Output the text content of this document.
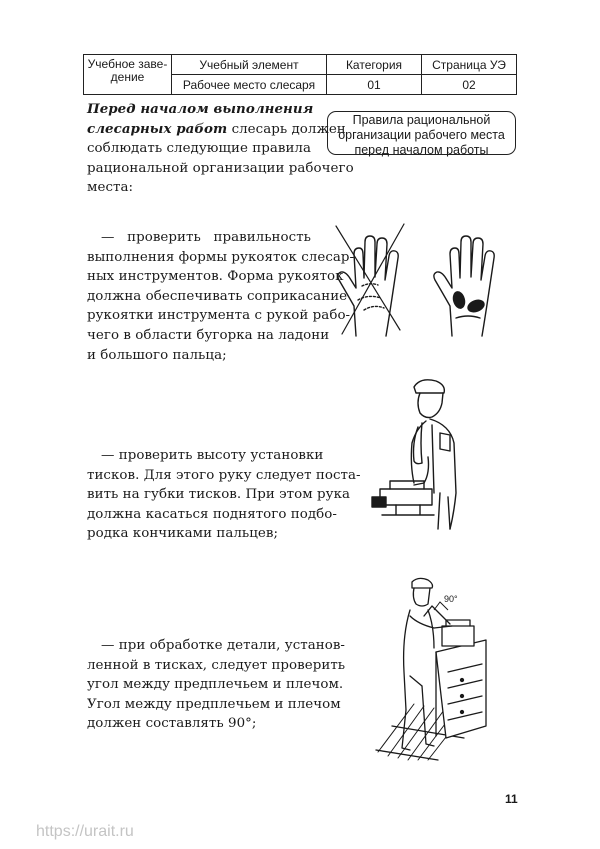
Учебное заве-
дение	Учебный элемент	Категория	Страница УЭ
	Рабочее место слесаря	01	02
Перед началом выполнения
слесарных работ слесарь должен
соблюдать следующие правила
рациональной организации рабочего
места:
Правила рациональной
организации рабочего места
перед началом работы
— проверить правильность
выполнения формы рукояток слесар-
ных инструментов. Форма рукояток
должна обеспечивать соприкасание
рукоятки инструмента с рукой рабо-
чего в области бугорка на ладони
и большого пальца;
— проверить высоту установки
тисков. Для этого руку следует поста-
вить на губки тисков. При этом рука
должна касаться поднятого подбо-
родка кончиками пальцев;
— при обработке детали, установ-
ленной в тисках, следует проверить
угол между предплечьем и плечом.
Угол между предплечьем и плечом
должен составлять 90°;
90°
11
https://urait.ru
